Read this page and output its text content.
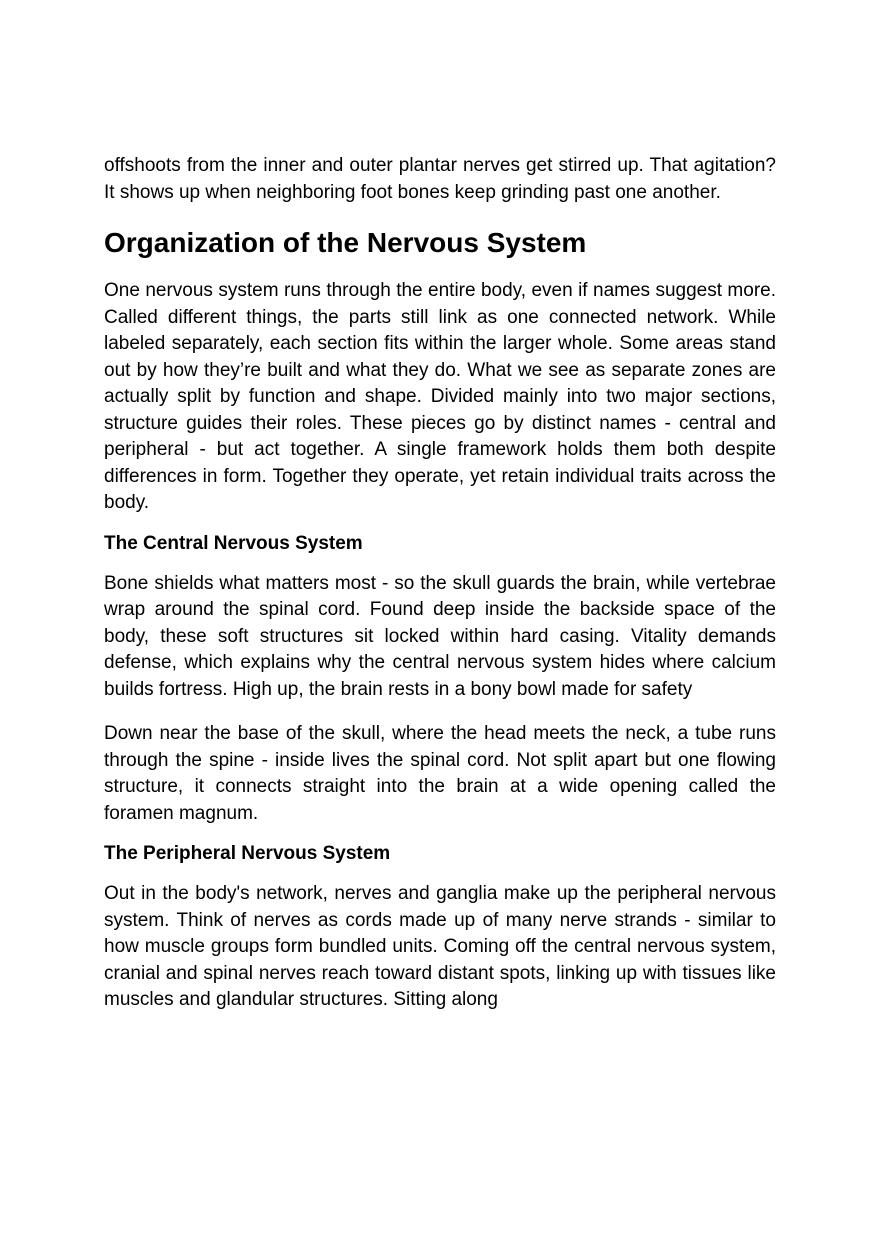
offshoots from the inner and outer plantar nerves get stirred up. That agitation? It shows up when neighboring foot bones keep grinding past one another.

Organization of the Nervous System

One nervous system runs through the entire body, even if names suggest more. Called different things, the parts still link as one connected network. While labeled separately, each section fits within the larger whole. Some areas stand out by how they’re built and what they do. What we see as separate zones are actually split by function and shape. Divided mainly into two major sections, structure guides their roles. These pieces go by distinct names - central and peripheral - but act together. A single framework holds them both despite differences in form. Together they operate, yet retain individual traits across the body.

The Central Nervous System

Bone shields what matters most - so the skull guards the brain, while vertebrae wrap around the spinal cord. Found deep inside the backside space of the body, these soft structures sit locked within hard casing. Vitality demands defense, which explains why the central nervous system hides where calcium builds fortress. High up, the brain rests in a bony bowl made for safety

Down near the base of the skull, where the head meets the neck, a tube runs through the spine - inside lives the spinal cord. Not split apart but one flowing structure, it connects straight into the brain at a wide opening called the foramen magnum.

The Peripheral Nervous System

Out in the body's network, nerves and ganglia make up the peripheral nervous system. Think of nerves as cords made up of many nerve strands - similar to how muscle groups form bundled units. Coming off the central nervous system, cranial and spinal nerves reach toward distant spots, linking up with tissues like muscles and glandular structures. Sitting along
